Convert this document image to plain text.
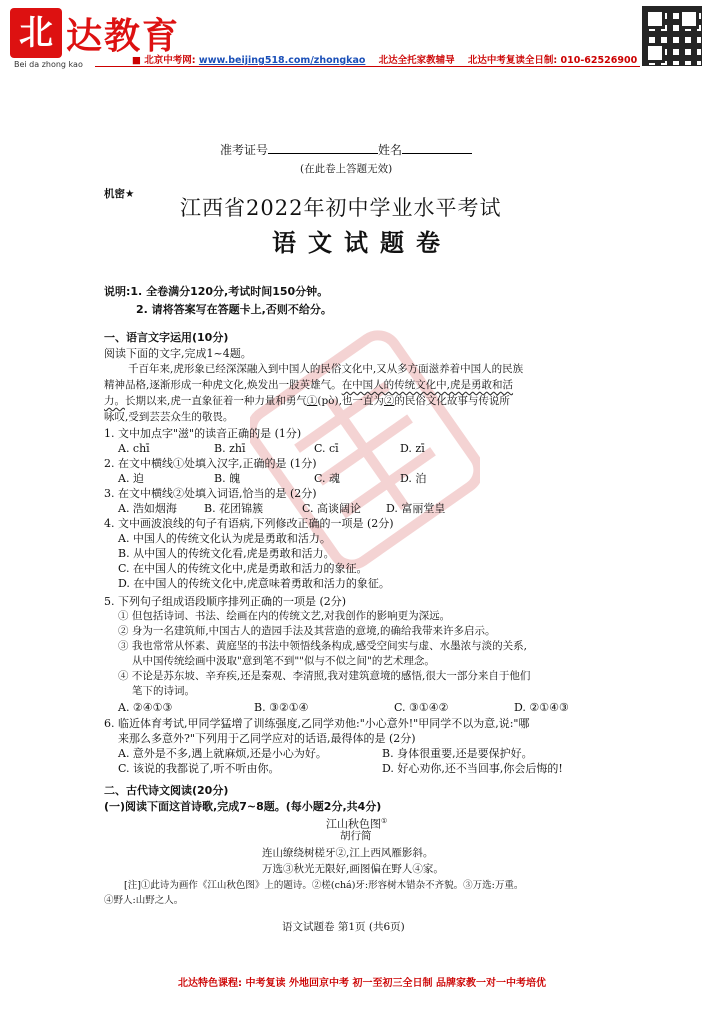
北 达教育
Bei da zhong kao	■ 北京中考网: www.beijing518.com/zhongkao 北达全托家教辅导 北达中考复读全日制: 010-62526900
准考证号	姓名
(在此卷上答题无效)
机密★
江西省2022年初中学业水平考试
语文试题卷
说明:1. 全卷满分120分,考试时间150分钟。
2. 请将答案写在答题卡上,否则不给分。
一、语言文字运用(10分)
阅读下面的文字,完成1~4题。
千百年来,虎形象已经深深融入到中国人的民俗文化中,又从多方面滋养着中国人的民族
精神品格,逐渐形成一种虎文化,焕发出一股英雄气。在中国人的传统文化中,虎是勇敢和活
力。长期以来,虎一直象征着一种力量和勇气①(pò),也一直为②的民俗文化故事与传说所
咏叹,受到芸芸众生的敬畏。
1. 文中加点字"滋"的读音正确的是 (1分)
A. chī	B. zhī	C. cī	D. zī
2. 在文中横线①处填入汉字,正确的是 (1分)
A. 迫	B. 魄	C. 魂	D. 泊
3. 在文中横线②处填入词语,恰当的是 (2分)
A. 浩如烟海 B. 花团锦簇	C. 高谈阔论 D. 富丽堂皇
4. 文中画波浪线的句子有语病,下列修改正确的一项是 (2分)
A. 中国人的传统文化认为虎是勇敢和活力。
B. 从中国人的传统文化看,虎是勇敢和活力。
C. 在中国人的传统文化中,虎是勇敢和活力的象征。
D. 在中国人的传统文化中,虎意味着勇敢和活力的象征。
5. 下列句子组成语段顺序排列正确的一项是 (2分)
① 但包括诗词、书法、绘画在内的传统文艺,对我创作的影响更为深远。
② 身为一名建筑师,中国古人的造园手法及其营造的意境,的确给我带来许多启示。
③ 我也常常从怀素、黄庭坚的书法中领悟线条构成,感受空间实与虚、水墨浓与淡的关系,
从中国传统绘画中汲取"意到笔不到""似与不似之间"的艺术理念。
④ 不论是苏东坡、辛弃疾,还是秦观、李清照,我对建筑意境的感悟,很大一部分来自于他们
笔下的诗词。
A. ②④①③	B. ③②①④	C. ③①④②	D. ②①④③
6. 临近体育考试,甲同学猛增了训练强度,乙同学劝他:"小心意外!"甲同学不以为意,说:"哪
来那么多意外?"下列用于乙同学应对的话语,最得体的是 (2分)
A. 意外是不多,遇上就麻烦,还是小心为好。	B. 身体很重要,还是要保护好。
C. 该说的我都说了,听不听由你。	D. 好心劝你,还不当回事,你会后悔的!
二、古代诗文阅读(20分)
(一)阅读下面这首诗歌,完成7~8题。(每小题2分,共4分)
江山秋色图①
胡行简
连山缭绕树槎牙②,江上西风雁影斜。
万选③秋光无限好,画图偏在野人④家。
[注]①此诗为画作《江山秋色图》上的题诗。②槎(chá)牙:形容树木错杂不齐貌。③万选:万重。
④野人:山野之人。
语文试题卷 第1页 (共6页)
北达特色课程: 中考复读 外地回京中考 初一至初三全日制 品牌家教一对一中考培优
